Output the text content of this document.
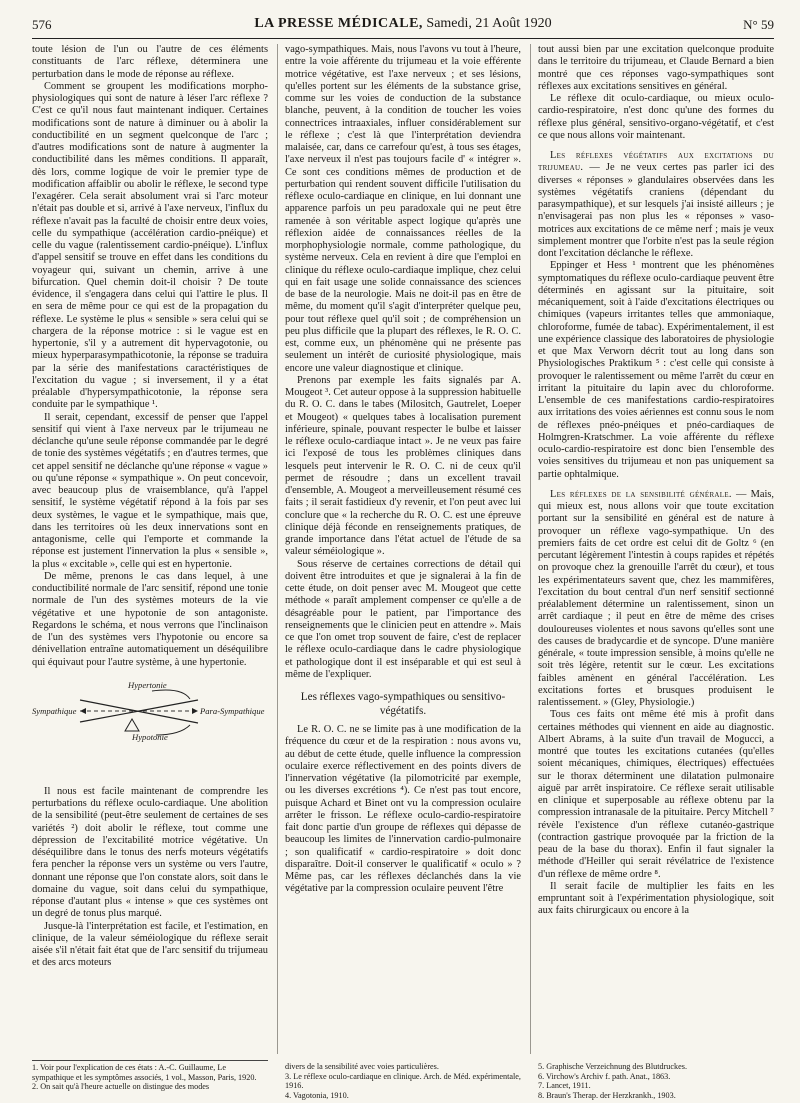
576	LA PRESSE MÉDICALE, Samedi, 21 Août 1920	N° 59

toute lésion de l'un ou l'autre de ces éléments constituants de l'arc réflexe, déterminera une perturbation dans le mode de réponse au réflexe.

Comment se groupent les modifications morpho-physiologiques qui sont de nature à léser l'arc réflexe ? C'est ce qu'il nous faut maintenant indiquer. Certaines modifications sont de nature à diminuer ou à abolir la conductibilité en un segment quelconque de l'arc ; d'autres modifications sont de nature à augmenter la conductibilité dans les mêmes conditions. Il apparaît, dès lors, comme logique de voir le premier type de modification affaiblir ou abolir le réflexe, le second type l'exagérer. Cela serait absolument vrai si l'arc moteur n'était pas double et si, arrivé à l'axe nerveux, l'influx du réflexe n'avait pas la faculté de choisir entre deux voies, celle du sympathique (accélération cardio-pnéique) et celle du vague (ralentissement cardio-pnéique). L'influx d'appel sensitif se trouve en effet dans les conditions du voyageur qui, suivant un chemin, arrive à une bifurcation. Quel chemin doit-il choisir ? De toute évidence, il s'engagera dans celui qui l'attire le plus. Il en sera de même pour ce qui est de la propagation du réflexe. Le système le plus « sensible » sera celui qui se chargera de la réponse motrice : si le vague est en hypertonie, s'il y a autrement dit hypervagotonie, ou mieux hyperparasympathicotonie, la réponse se traduira par la série des manifestations caractéristiques de l'excitation du vague ; si inversement, il y a état préalable d'hypersympathicotonie, la réponse sera conduite par le sympathique ¹.

Il serait, cependant, excessif de penser que l'appel sensitif qui vient à l'axe nerveux par le trijumeau ne déclanche qu'une seule réponse commandée par le degré de tonie des systèmes végétatifs ; en d'autres termes, que cet appel sensitif ne déclanche qu'une réponse « vague » ou qu'une réponse « sympathique ». On peut concevoir, avec beaucoup plus de vraisemblance, qu'à l'appel sensitif, le système végétatif répond à la fois par ses deux systèmes, le vague et le sympathique, mais que, dans les territoires où les deux innervations sont en antagonisme, celle qui l'emporte et commande la réponse est justement l'innervation la plus « sensible », la plus « excitable », celle qui est en hypertonie.

De même, prenons le cas dans lequel, à une conductibilité normale de l'arc sensitif, répond une tonie normale de l'un des systèmes moteurs de la vie végétative et une hypotonie de son antagoniste. Regardons le schéma, et nous verrons que l'inclinaison de l'un des systèmes vers l'hypotonie ou encore sa dénivellation entraîne automatiquement un déséquilibre qui équivaut pour l'autre système, à une hypertonie.

Hypertonie
Hypotonie
Sympathique	Para-Sympathique

Il nous est facile maintenant de comprendre les perturbations du réflexe oculo-cardiaque. Une abolition de la sensibilité (peut-être seulement de certaines de ses variétés ²) doit abolir le réflexe, tout comme une dépression de l'excitabilité motrice végétative. Un déséquilibre dans le tonus des nerfs moteurs végétatifs fera pencher la réponse vers un système ou vers l'autre, donnant une réponse que l'on constate alors, soit dans le domaine du vague, soit dans celui du sympathique, réponse d'autant plus « intense » que ces systèmes ont un degré de tonus plus marqué.

Jusque-là l'interprétation est facile, et l'estimation, en clinique, de la valeur séméiologique du réflexe serait aisée s'il n'était fait état que de l'arc sensitif du trijumeau et des arcs moteurs

vago-sympathiques. Mais, nous l'avons vu tout à l'heure, entre la voie afférente du trijumeau et la voie efférente motrice végétative, est l'axe nerveux ; et ses lésions, qu'elles portent sur les éléments de la substance grise, comme sur les voies de conduction de la substance blanche, peuvent, à la condition de toucher les voies connectrices intraaxiales, influer considérablement sur le réflexe ; c'est là que l'interprétation deviendra malaisée, car, dans ce carrefour qu'est, à tous ses étages, l'axe nerveux il n'est pas toujours facile d' « intégrer ». Ce sont ces conditions mêmes de production et de perturbation qui rendent souvent difficile l'utilisation du réflexe oculo-cardiaque en clinique, en lui donnant une apparence parfois un peu paradoxale qui ne peut être ramenée à son véritable aspect logique qu'après une réflexion aidée de connaissances réelles de la morphophysiologie normale, comme pathologique, du système nerveux. Cela en revient à dire que l'emploi en clinique du réflexe oculo-cardiaque implique, chez celui qui en fait usage une solide connaissance des sciences de base de la neurologie. Mais ne doit-il pas en être de même, du moment qu'il s'agit d'interpréter quelque peu, pour tout réflexe quel qu'il soit ; de compréhension un peu plus difficile que la plupart des réflexes, le R. O. C. est, comme eux, un phénomène qui ne présente pas seulement un intérêt de curiosité physiologique, mais encore une valeur diagnostique et clinique.

Prenons par exemple les faits signalés par A. Mougeot ³. Cet auteur oppose à la suppression habituelle du R. O. C. dans le tabes (Milositch, Gautrelet, Loeper et Mougeot) « quelques tabes à localisation purement inférieure, spinale, pouvant respecter le bulbe et laisser le réflexe oculo-cardiaque intact ». Je ne veux pas faire ici l'exposé de tous les problèmes cliniques dans lesquels peut intervenir le R. O. C. ni de ceux qu'il permet de résoudre ; dans un excellent travail d'ensemble, A. Mougeot a merveilleusement résumé ces faits ; il serait fastidieux d'y revenir, et l'on peut avec lui conclure que « la recherche du R. O. C. est une épreuve clinique déjà féconde en renseignements pratiques, de grande importance dans l'état actuel de l'étude de sa valeur séméiologique ».

Sous réserve de certaines corrections de détail qui doivent être introduites et que je signalerai à la fin de cette étude, on doit penser avec M. Mougeot que cette méthode « paraît amplement compenser ce qu'elle a de désagréable pour le patient, par l'importance des renseignements que le clinicien peut en attendre ». Mais ce que l'on omet trop souvent de faire, c'est de replacer le réflexe oculo-cardiaque dans le cadre physiologique et pathologique dont il est inséparable et qui est seul à même de l'expliquer.

Les réflexes vago-sympathiques ou sensitivo-végétatifs.

Le R. O. C. ne se limite pas à une modification de la fréquence du cœur et de la respiration : nous avons vu, au début de cette étude, quelle influence la compression oculaire exerce réflectivement en des points divers de l'innervation végétative (la pilomotricité par exemple, ou les diverses excrétions ⁴). Ce n'est pas tout encore, puisque Achard et Binet ont vu la compression oculaire arrêter le frisson. Le réflexe oculo-cardio-respiratoire fait donc partie d'un groupe de réflexes qui dépasse de beaucoup les limites de l'innervation cardio-pulmonaire ; son qualificatif « cardio-respiratoire » doit donc disparaître. Doit-il conserver le qualificatif « oculo » ? Même pas, car les réflexes déclanchés dans la vie végétative par la compression oculaire peuvent l'être

tout aussi bien par une excitation quelconque produite dans le territoire du trijumeau, et Claude Bernard a bien montré que ces réponses vago-sympathiques sont réflexes aux excitations sensitives en général.

Le réflexe dit oculo-cardiaque, ou mieux oculo-cardio-respiratoire, n'est donc qu'une des formes du réflexe plus général, sensitivo-organo-végétatif, et c'est ce que nous allons voir maintenant.

Les réflexes végétatifs aux excitations du trijumeau. — Je ne veux certes pas parler ici des diverses « réponses » glandulaires observées dans les systèmes végétatifs craniens (dépendant du parasympathique), et sur lesquels j'ai insisté ailleurs ; je n'envisagerai pas non plus les « réponses » vaso-motrices aux excitations de ce même nerf ; mais je veux simplement montrer que l'orbite n'est pas la seule région dont l'excitation déclanche le réflexe.

Eppinger et Hess ¹ montrent que les phénomènes symptomatiques du réflexe oculo-cardiaque peuvent être déterminés en agissant sur la pituitaire, soit mécaniquement, soit à l'aide d'excitations électriques ou chimiques (vapeurs irritantes telles que ammoniaque, chloroforme, fumée de tabac). Expérimentalement, il est une expérience classique des laboratoires de physiologie et que Max Verworn décrit tout au long dans son Physiologisches Praktikum ⁵ : c'est celle qui consiste à provoquer le ralentissement ou même l'arrêt du cœur en irritant la pituitaire du lapin avec du chloroforme. L'ensemble de ces manifestations cardio-respiratoires aux irritations des voies aériennes est connu sous le nom de réflexes pnéo-pnéiques et pnéo-cardiaques de Holmgren-Kratschmer. La voie afférente du réflexe oculo-cardio-respiratoire est donc bien l'ensemble des voies sensitives du trijumeau et non pas uniquement sa partie ophtalmique.

Les réflexes de la sensibilité générale. — Mais, qui mieux est, nous allons voir que toute excitation portant sur la sensibilité en général est de nature à provoquer un réflexe vago-sympathique. Un des premiers faits de cet ordre est celui dit de Goltz ⁶ (en percutant légèrement l'intestin à coups rapides et répétés on provoque chez la grenouille l'arrêt du cœur), et tous les expérimentateurs savent que, chez les mammifères, l'excitation du bout central d'un nerf sensitif sectionné préalablement détermine un ralentissement, sinon un arrêt cardiaque ; il peut en être de même des crises douloureuses violentes et nous savons qu'elles sont une des causes de bradycardie et de syncope. D'une manière générale, « toute impression sensible, à moins qu'elle ne soit très légère, retentit sur le cœur. Les excitations faibles amènent en général l'accélération. Les excitations fortes et brusques produisent le ralentissement. » (Gley, Physiologie.)

Tous ces faits ont même été mis à profit dans certaines méthodes qui viennent en aide au diagnostic. Albert Abrams, à la suite d'un travail de Mogucci, a montré que toutes les excitations cutanées (qu'elles soient mécaniques, chimiques, électriques) effectuées sur le thorax déterminent une dilatation pulmonaire aiguë par arrêt inspiratoire. Ce réflexe serait utilisable en clinique et superposable au réflexe obtenu par la compression intranasale de la pituitaire. Percy Mitchell ⁷ révèle l'existence d'un réflexe cutanéo-gastrique (contraction gastrique provoquée par la friction de la peau de la base du thorax). Enfin il faut signaler la méthode d'Heiller qui serait révélatrice de l'existence d'un réflexe de même ordre ⁸.

Il serait facile de multiplier les faits en les empruntant soit à l'expérimentation physiologique, soit aux faits chirurgicaux ou encore à la

1. Voir pour l'explication de ces états : A.-C. Guillaume, Le sympathique et les symptômes associés, 1 vol., Masson, Paris, 1920.
2. On sait qu'à l'heure actuelle on distingue des modes
divers de la sensibilité avec voies particulières.
3. Le réflexe oculo-cardiaque en clinique. Arch. de Méd. expérimentale, 1916.
4. Vagotonia, 1910.
5. Graphische Verzeichnung des Blutdruckes.
6. Virchow's Archiv f. path. Anat., 1863.
7. Lancet, 1911.
8. Braun's Therap. der Herzkrankh., 1903.
